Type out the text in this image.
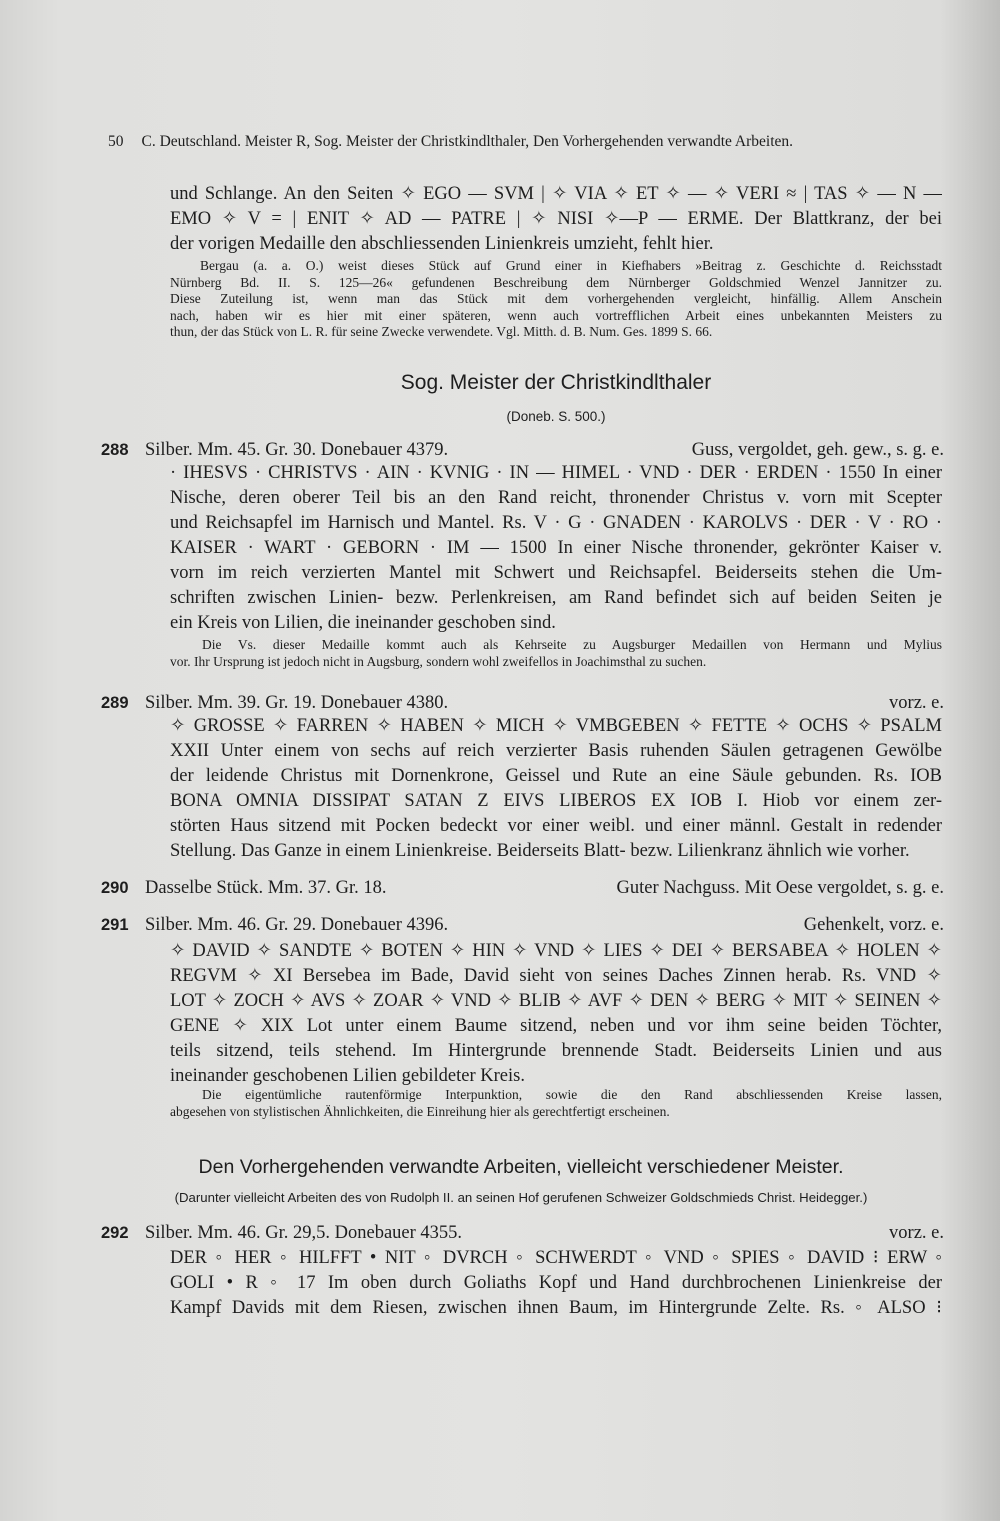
50 C. Deutschland. Meister R, Sog. Meister der Christkindlthaler, Den Vorhergehenden verwandte Arbeiten.
und Schlange. An den Seiten ✧ EGO — SVM | ✧ VIA ✧ ET ✧ — ✧ VERI ≈ | TAS ✧ — N —
EMO ✧ V = | ENIT ✧ AD — PATRE | ✧ NISI ✧—P — ERME. Der Blattkranz, der bei
der vorigen Medaille den abschliessenden Linienkreis umzieht, fehlt hier.
Bergau (a. a. O.) weist dieses Stück auf Grund einer in Kiefhabers »Beitrag z. Geschichte d. Reichsstadt
Nürnberg Bd. II. S. 125—26« gefundenen Beschreibung dem Nürnberger Goldschmied Wenzel Jannitzer zu.
Diese Zuteilung ist, wenn man das Stück mit dem vorhergehenden vergleicht, hinfällig. Allem Anschein
nach, haben wir es hier mit einer späteren, wenn auch vortrefflichen Arbeit eines unbekannten Meisters zu
thun, der das Stück von L. R. für seine Zwecke verwendete. Vgl. Mitth. d. B. Num. Ges. 1899 S. 66.
Sog. Meister der Christkindlthaler
(Doneb. S. 500.)
288 Silber. Mm. 45. Gr. 30. Donebauer 4379.	Guss, vergoldet, geh. gew., s. g. e.
· IHESVS · CHRISTVS · AIN · KVNIG · IN — HIMEL · VND · DER · ERDEN · 1550 In einer
Nische, deren oberer Teil bis an den Rand reicht, thronender Christus v. vorn mit Scepter
und Reichsapfel im Harnisch und Mantel. Rs. V · G · GNADEN · KAROLVS · DER · V · RO ·
KAISER · WART · GEBORN · IM — 1500 In einer Nische thronender, gekrönter Kaiser v.
vorn im reich verzierten Mantel mit Schwert und Reichsapfel. Beiderseits stehen die Um-
schriften zwischen Linien- bezw. Perlenkreisen, am Rand befindet sich auf beiden Seiten je
ein Kreis von Lilien, die ineinander geschoben sind.
Die Vs. dieser Medaille kommt auch als Kehrseite zu Augsburger Medaillen von Hermann und Mylius
vor. Ihr Ursprung ist jedoch nicht in Augsburg, sondern wohl zweifellos in Joachimsthal zu suchen.
289 Silber. Mm. 39. Gr. 19. Donebauer 4380.	vorz. e.
✧ GROSSE ✧ FARREN ✧ HABEN ✧ MICH ✧ VMBGEBEN ✧ FETTE ✧ OCHS ✧ PSALM
XXII Unter einem von sechs auf reich verzierter Basis ruhenden Säulen getragenen Gewölbe
der leidende Christus mit Dornenkrone, Geissel und Rute an eine Säule gebunden. Rs. IOB
BONA OMNIA DISSIPAT SATAN Z EIVS LIBEROS EX IOB I. Hiob vor einem zer-
störten Haus sitzend mit Pocken bedeckt vor einer weibl. und einer männl. Gestalt in redender
Stellung. Das Ganze in einem Linienkreise. Beiderseits Blatt- bezw. Lilienkranz ähnlich wie vorher.
290 Dasselbe Stück. Mm. 37. Gr. 18.	Guter Nachguss. Mit Oese vergoldet, s. g. e.
291 Silber. Mm. 46. Gr. 29. Donebauer 4396.	Gehenkelt, vorz. e.
✧ DAVID ✧ SANDTE ✧ BOTEN ✧ HIN ✧ VND ✧ LIES ✧ DEI ✧ BERSABEA ✧ HOLEN ✧
REGVM ✧ XI Bersebea im Bade, David sieht von seines Daches Zinnen herab. Rs. VND ✧
LOT ✧ ZOCH ✧ AVS ✧ ZOAR ✧ VND ✧ BLIB ✧ AVF ✧ DEN ✧ BERG ✧ MIT ✧ SEINEN ✧
GENE ✧ XIX Lot unter einem Baume sitzend, neben und vor ihm seine beiden Töchter,
teils sitzend, teils stehend. Im Hintergrunde brennende Stadt. Beiderseits Linien und aus
ineinander geschobenen Lilien gebildeter Kreis.
Die eigentümliche rautenförmige Interpunktion, sowie die den Rand abschliessenden Kreise lassen,
abgesehen von stylistischen Ähnlichkeiten, die Einreihung hier als gerechtfertigt erscheinen.
Den Vorhergehenden verwandte Arbeiten, vielleicht verschiedener Meister.
(Darunter vielleicht Arbeiten des von Rudolph II. an seinen Hof gerufenen Schweizer Goldschmieds Christ. Heidegger.)
292 Silber. Mm. 46. Gr. 29,5. Donebauer 4355.	vorz. e.
DER ◦ HER ◦ HILFFT • NIT ◦ DVRCH ◦ SCHWERDT ◦ VND ◦ SPIES ◦ DAVID ⁝ ERW ◦
GOLI • R ◦ 17 Im oben durch Goliaths Kopf und Hand durchbrochenen Linienkreise der
Kampf Davids mit dem Riesen, zwischen ihnen Baum, im Hintergrunde Zelte. Rs. ◦ ALSO ⁝
